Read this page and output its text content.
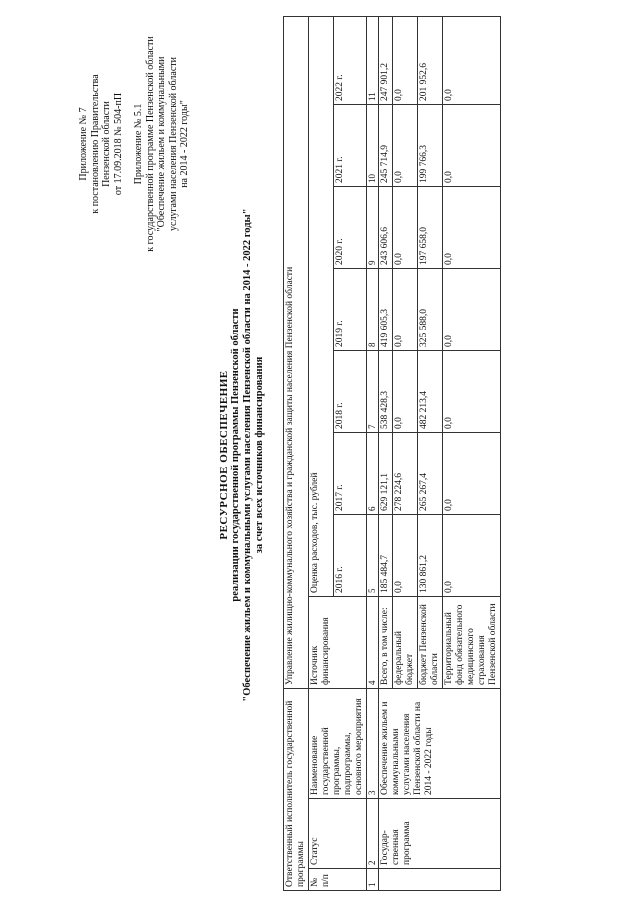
Приложение № 7 к постановлению Правительства Пензенской области от 17.09.2018 № 504-пП Приложение № 5.1 к государственной программе Пензенской области "Обеспечение жильем и коммунальными услугами населения Пензенской области на 2014 - 2022 годы"
РЕСУРСНОЕ ОБЕСПЕЧЕНИЕ реализации государственной программы Пензенской области "Обеспечение жильем и коммунальными услугами населения Пензенской области на 2014 - 2022 годы" за счет всех источников финансирования
Ответственный исполнитель государственной программы			Управление жилищно-коммунального хозяйства и гражданской защиты населения Пензенской области							
№ п/п	Статус	Наименование государственной программы, подпрограммы, основного мероприятия	Источник финансирования	Оценка расходов, тыс. рублей						
				2016 г.	2017 г.	2018 г.	2019 г.	2020 г.	2021 г.	2022 г.
1	2	3	4	5	6	7	8	9	10	11
	Государ-ственная программа	Обеспечение жильем и коммунальными услугами населения Пензенской области на 2014 - 2022 годы	Всего, в том числе:	185 484,7	629 121,1	538 428,3	419 605,3	243 606,6	245 714,9	247 901,2
			федеральный бюджет	0,0	278 224,6	0,0	0,0	0,0	0,0	0,0
			бюджет Пензенской области	130 861,2	265 267,4	482 213,4	325 588,0	197 658,0	199 766,3	201 952,6
			Территориальный фонд обязательного медицинского страхования Пензенской области	0,0	0,0	0,0	0,0	0,0	0,0	0,0
